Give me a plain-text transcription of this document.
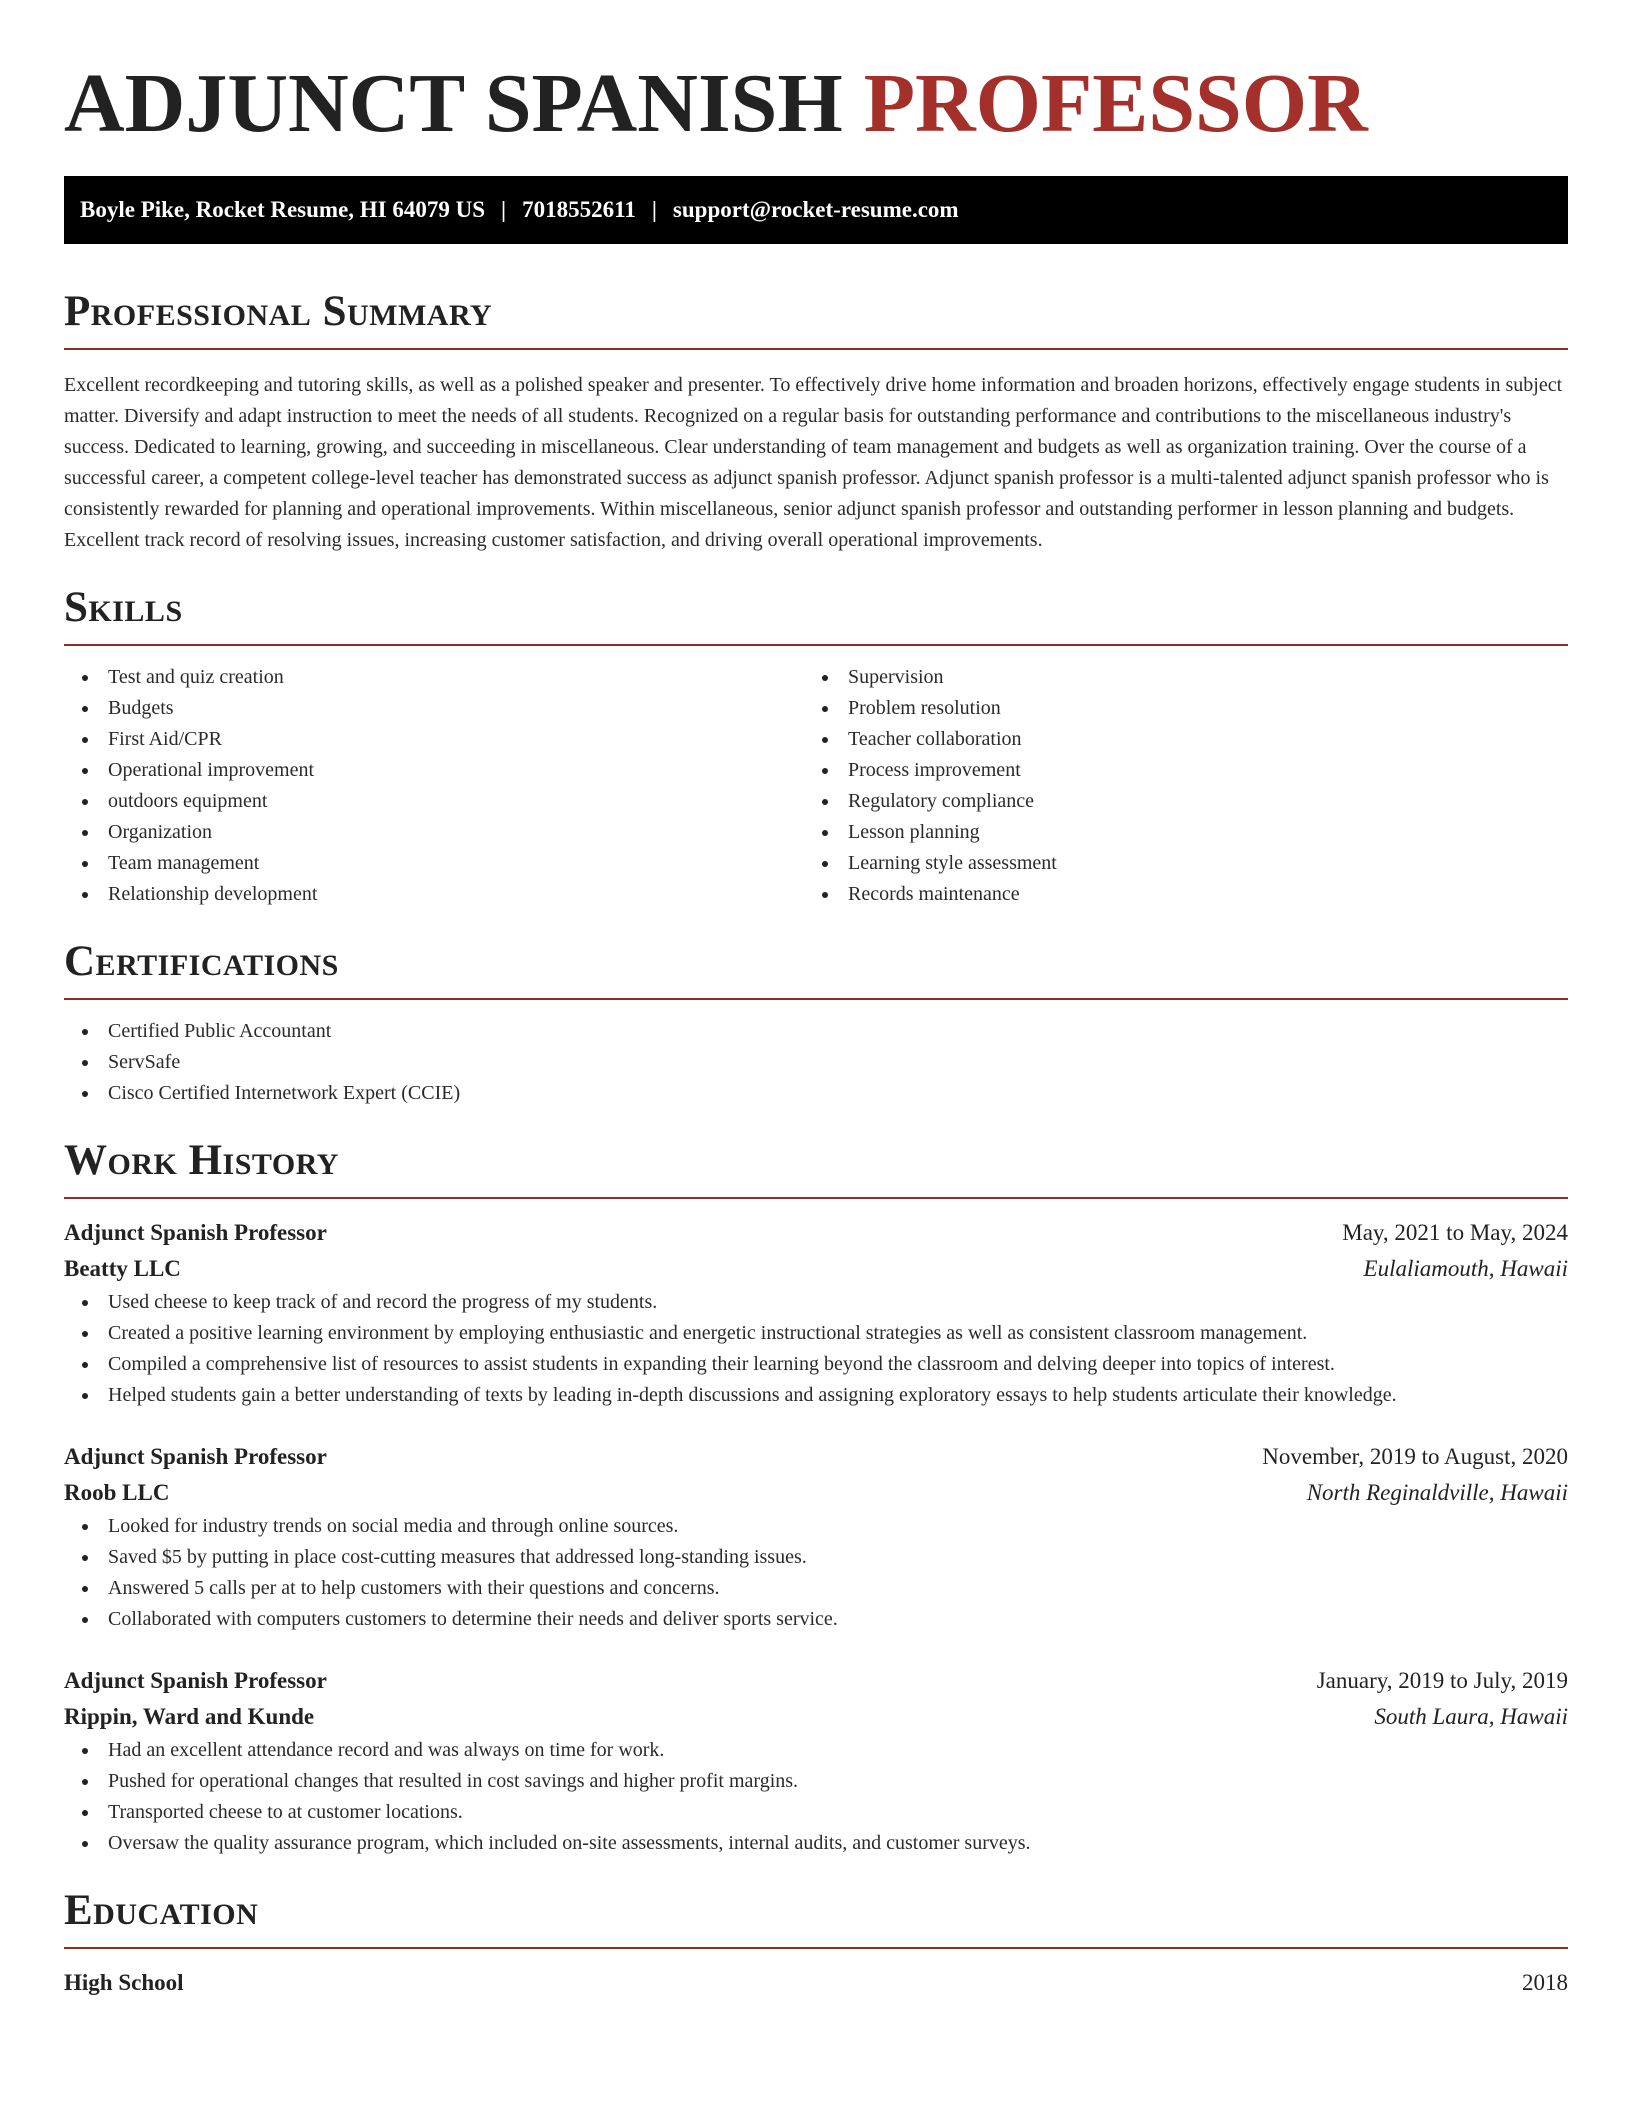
ADJUNCT SPANISH PROFESSOR
Boyle Pike, Rocket Resume, HI 64079 US | 7018552611 | support@rocket-resume.com
Professional Summary

Excellent recordkeeping and tutoring skills, as well as a polished speaker and presenter. To effectively drive home information and broaden horizons, effectively engage students in subject matter. Diversify and adapt instruction to meet the needs of all students. Recognized on a regular basis for outstanding performance and contributions to the miscellaneous industry's success. Dedicated to learning, growing, and succeeding in miscellaneous. Clear understanding of team management and budgets as well as organization training. Over the course of a successful career, a competent college-level teacher has demonstrated success as adjunct spanish professor. Adjunct spanish professor is a multi-talented adjunct spanish professor who is consistently rewarded for planning and operational improvements. Within miscellaneous, senior adjunct spanish professor and outstanding performer in lesson planning and budgets. Excellent track record of resolving issues, increasing customer satisfaction, and driving overall operational improvements.

Skills
Test and quiz creation
Budgets
First Aid/CPR
Operational improvement
outdoors equipment
Organization
Team management
Relationship development
Supervision
Problem resolution
Teacher collaboration
Process improvement
Regulatory compliance
Lesson planning
Learning style assessment
Records maintenance
Certifications
Certified Public Accountant
ServSafe
Cisco Certified Internetwork Expert (CCIE)
Work History
Adjunct Spanish Professor	May, 2021 to May, 2024
Beatty LLC	Eulaliamouth, Hawaii
Used cheese to keep track of and record the progress of my students.
Created a positive learning environment by employing enthusiastic and energetic instructional strategies as well as consistent classroom management.
Compiled a comprehensive list of resources to assist students in expanding their learning beyond the classroom and delving deeper into topics of interest.
Helped students gain a better understanding of texts by leading in-depth discussions and assigning exploratory essays to help students articulate their knowledge.
Adjunct Spanish Professor	November, 2019 to August, 2020
Roob LLC	North Reginaldville, Hawaii
Looked for industry trends on social media and through online sources.
Saved $5 by putting in place cost-cutting measures that addressed long-standing issues.
Answered 5 calls per at to help customers with their questions and concerns.
Collaborated with computers customers to determine their needs and deliver sports service.
Adjunct Spanish Professor	January, 2019 to July, 2019
Rippin, Ward and Kunde	South Laura, Hawaii
Had an excellent attendance record and was always on time for work.
Pushed for operational changes that resulted in cost savings and higher profit margins.
Transported cheese to at customer locations.
Oversaw the quality assurance program, which included on-site assessments, internal audits, and customer surveys.
Education
High School	2018
